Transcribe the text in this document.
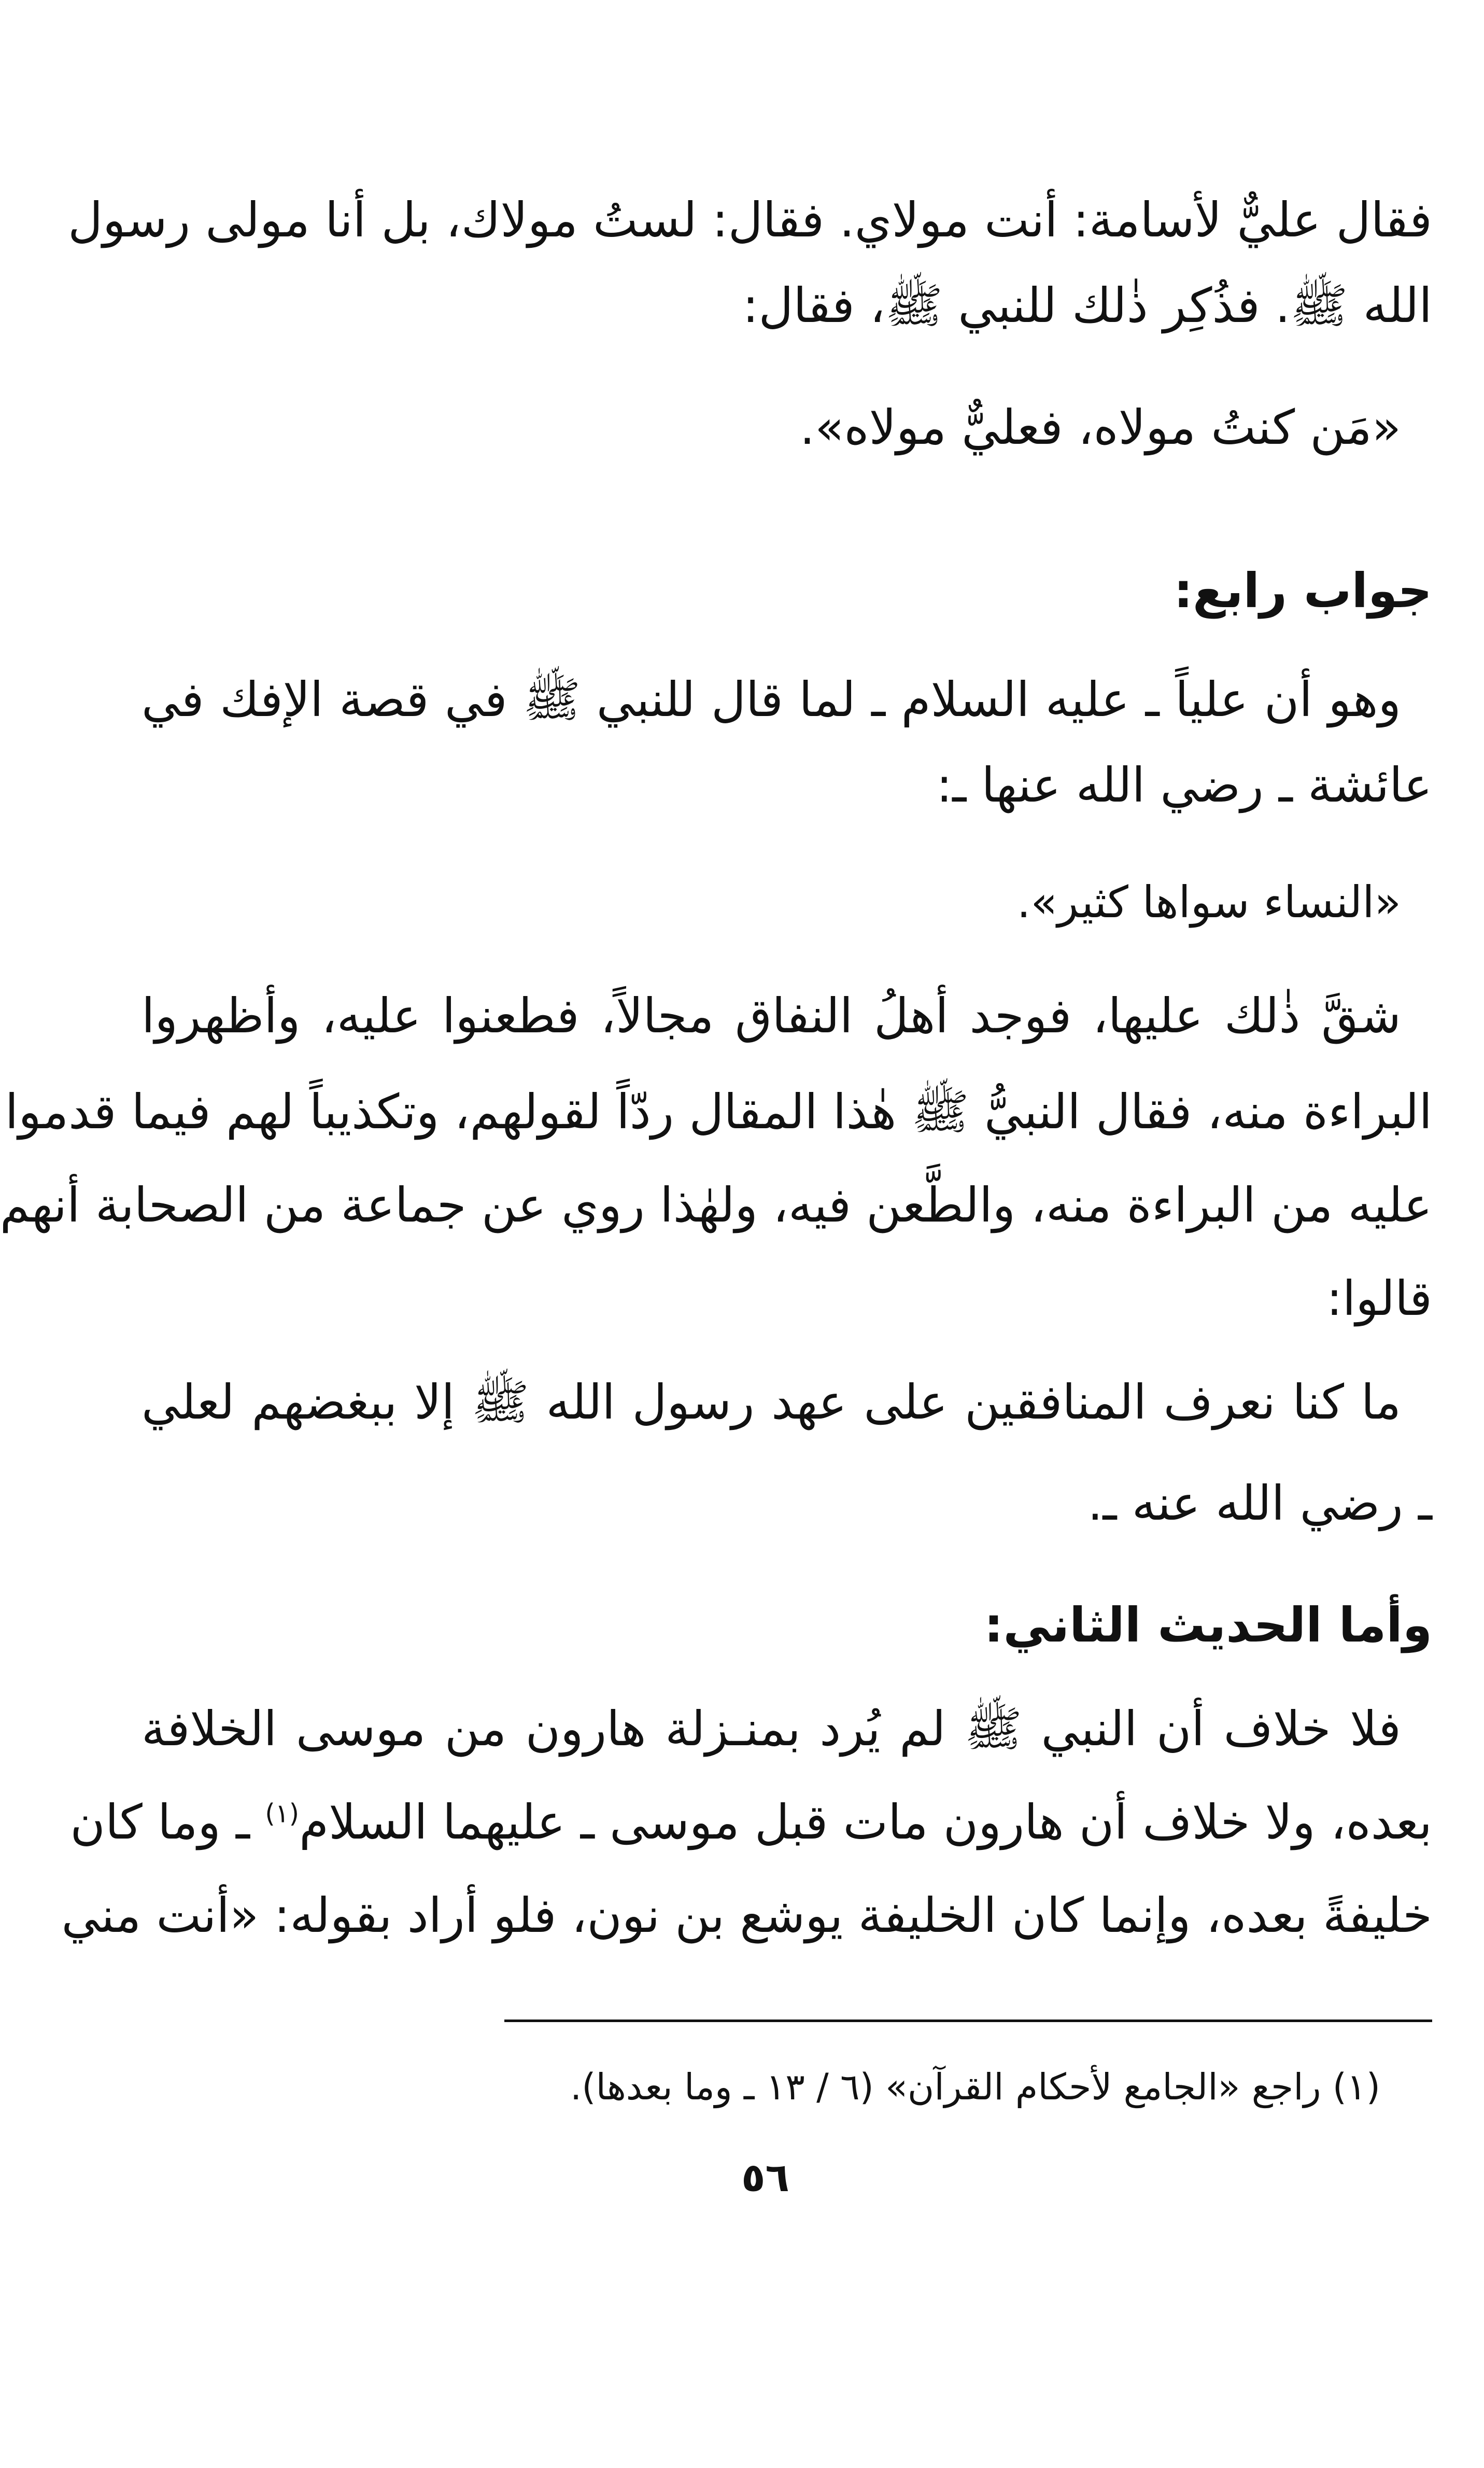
فقال عليٌّ لأسامة: أنت مولاي. فقال: لستُ مولاك، بل أنا مولى رسول
الله ﷺ. فذُكِر ذٰلك للنبي ﷺ، فقال:
«مَن كنتُ مولاه، فعليٌّ مولاه».
جواب رابع:
وهو أن علياً ـ عليه السلام ـ لما قال للنبي ﷺ في قصة الإفك في
عائشة ـ رضي الله عنها ـ:
«النساء سواها كثير».
شقَّ ذٰلك عليها، فوجد أهلُ النفاق مجالاً، فطعنوا عليه، وأظهروا
البراءة منه، فقال النبيُّ ﷺ هٰذا المقال ردّاً لقولهم، وتكذيباً لهم فيما قدموا
عليه من البراءة منه، والطَّعن فيه، ولهٰذا روي عن جماعة من الصحابة أنهم
قالوا:
ما كنا نعرف المنافقين على عهد رسول الله ﷺ إلا ببغضهم لعلي
ـ رضي الله عنه ـ.
وأما الحديث الثاني:
فلا خلاف أن النبي ﷺ لم يُرد بمنـزلة هارون من موسى الخلافة
بعده، ولا خلاف أن هارون مات قبل موسى ـ عليهما السلام$^{(١)}$ ـ وما كان
خليفةً بعده، وإنما كان الخليفة يوشع بن نون، فلو أراد بقوله: «أنت مني
(١) راجع «الجامع لأحكام القرآن» (٦ / ١٣ ـ وما بعدها).
٥٦
